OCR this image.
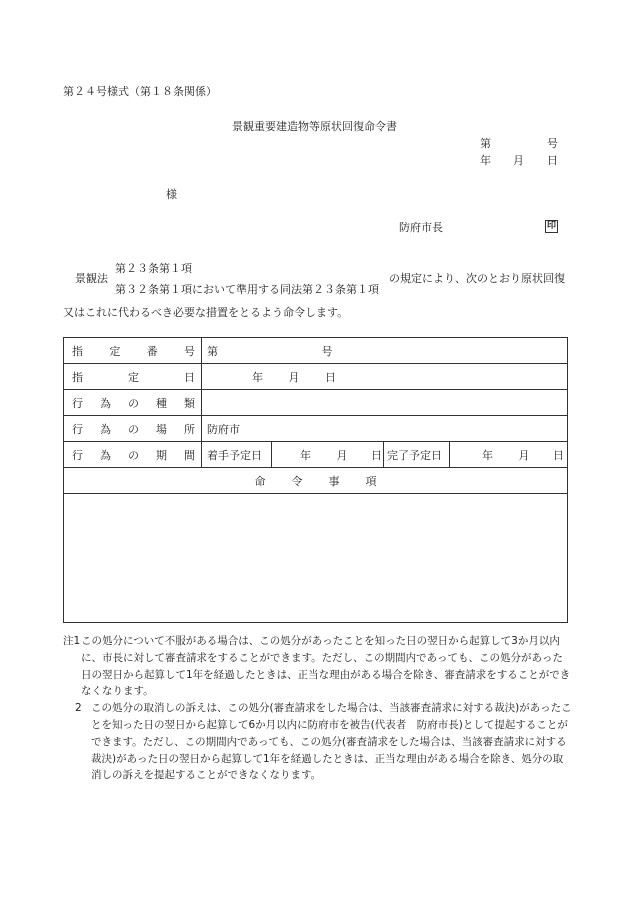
第２４号様式（第１８条関係）
景観重要建造物等原状回復命令書
第	号
年 月 日
様
防府市長	印
景観法
第２３条第１項
第３２条第１項において準用する同法第２３条第１項
の規定により、次のとおり原状回復
又はこれに代わるべき必要な措置をとるよう命令します。
指 定 番 号	第 号			

指 定 日	年 月 日			

行 為 の 種 類				

行 為 の 場 所	防府市			

行 為 の 期 間	着手予定日	年 月 日	完了予定日	年 月 日

命 令 事 項				

注1 この処分について不服がある場合は、この処分があったことを知った日の翌日から起算して3か月以内に、市長に対して審査請求をすることができます。ただし、この期間内であっても、この処分があった日の翌日から起算して1年を経過したときは、正当な理由がある場合を除き、審査請求をすることができなくなります。

2 この処分の取消しの訴えは、この処分(審査請求をした場合は、当該審査請求に対する裁決)があったことを知った日の翌日から起算して6か月以内に防府市を被告(代表者　防府市長)として提起することができます。ただし、この期間内であっても、この処分(審査請求をした場合は、当該審査請求に対する裁決)があった日の翌日から起算して1年を経過したときは、正当な理由がある場合を除き、処分の取消しの訴えを提起することができなくなります。
